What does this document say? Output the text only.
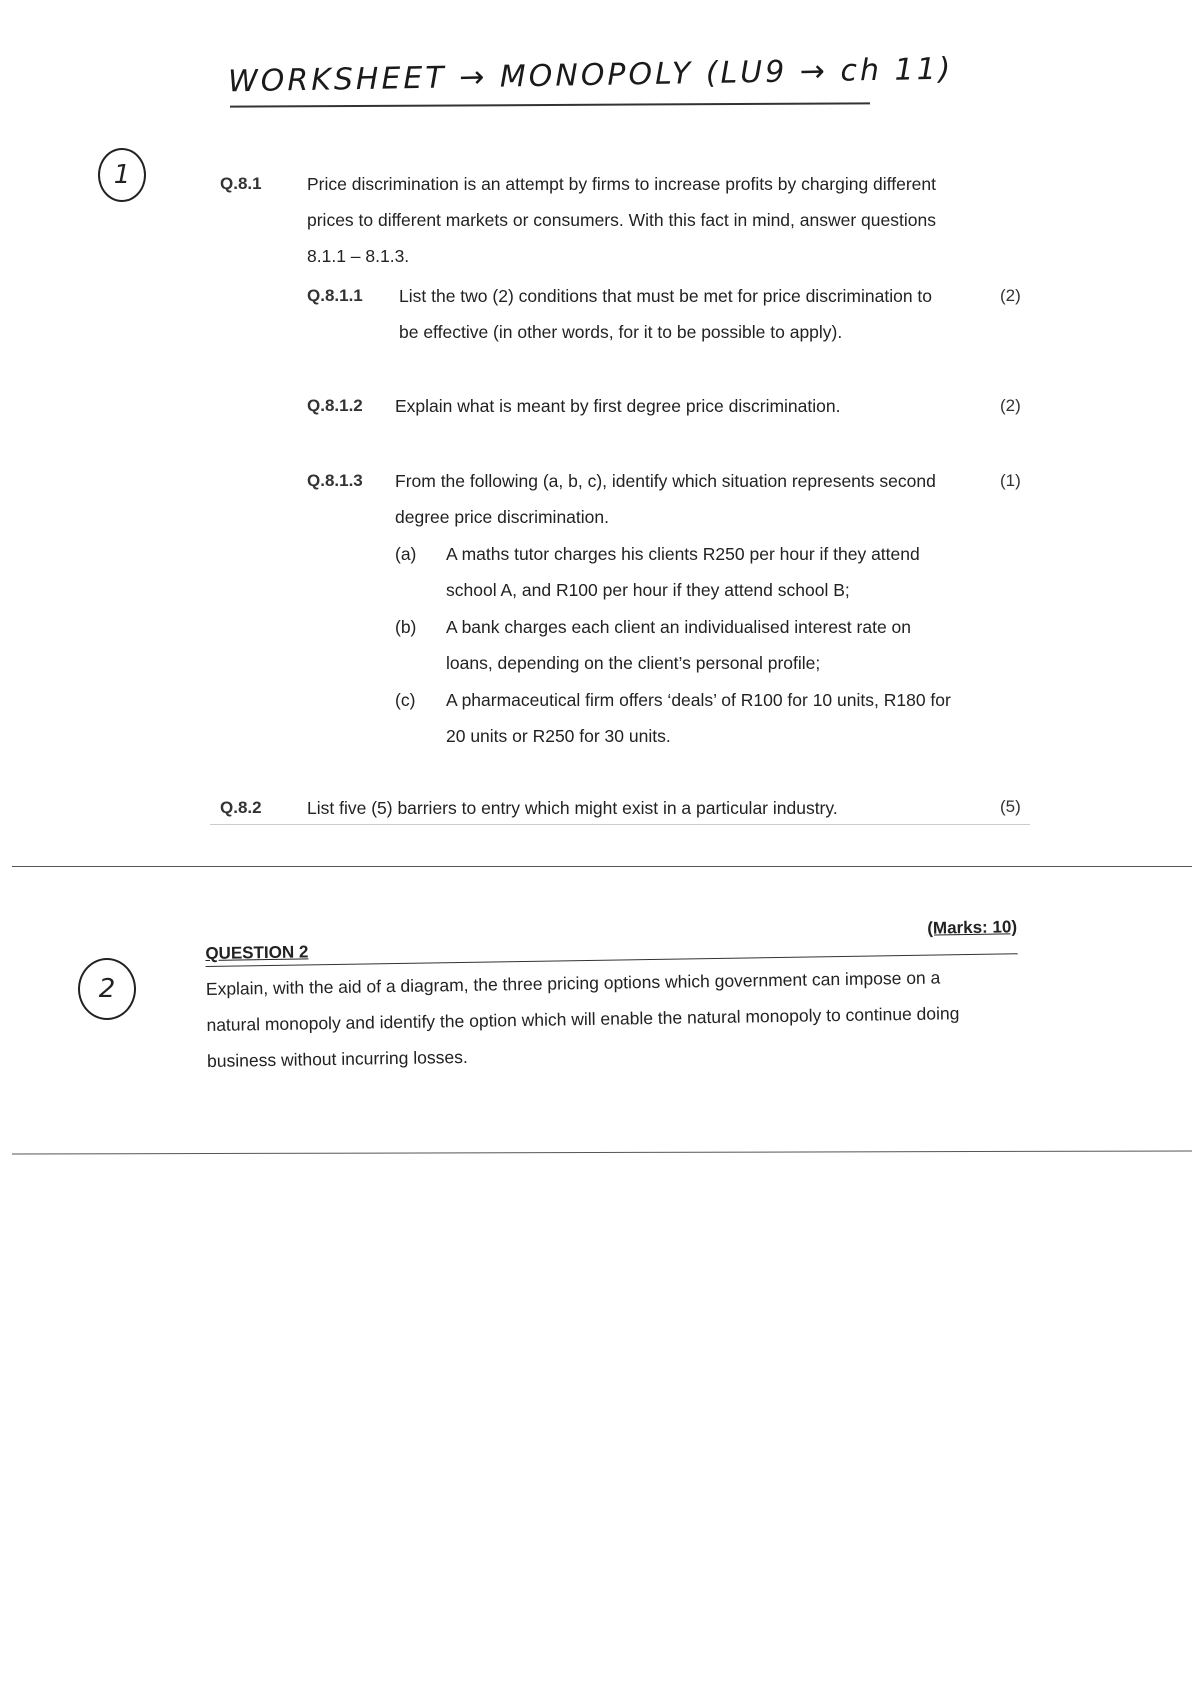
WORKSHEET → MONOPOLY (LU9 → ch 11)
1	Q.8.1	Price discrimination is an attempt by firms to increase profits by charging different
prices to different markets or consumers. With this fact in mind, answer questions
8.1.1 – 8.1.3.
Q.8.1.1 List the two (2) conditions that must be met for price discrimination to
be effective (in other words, for it to be possible to apply).
(2)
Q.8.1.2 Explain what is meant by first degree price discrimination.	(2)
Q.8.1.3 From the following (a, b, c), identify which situation represents second
degree price discrimination.
(1)
(a) A maths tutor charges his clients R250 per hour if they attend
school A, and R100 per hour if they attend school B;
(b) A bank charges each client an individualised interest rate on
loans, depending on the client’s personal profile;
(c) A pharmaceutical firm offers ‘deals’ of R100 for 10 units, R180 for
20 units or R250 for 30 units.
Q.8.2	List five (5) barriers to entry which might exist in a particular industry.	(5)
2
QUESTION 2
(Marks: 10)
Explain, with the aid of a diagram, the three pricing options which government can impose on a
natural monopoly and identify the option which will enable the natural monopoly to continue doing
business without incurring losses.
